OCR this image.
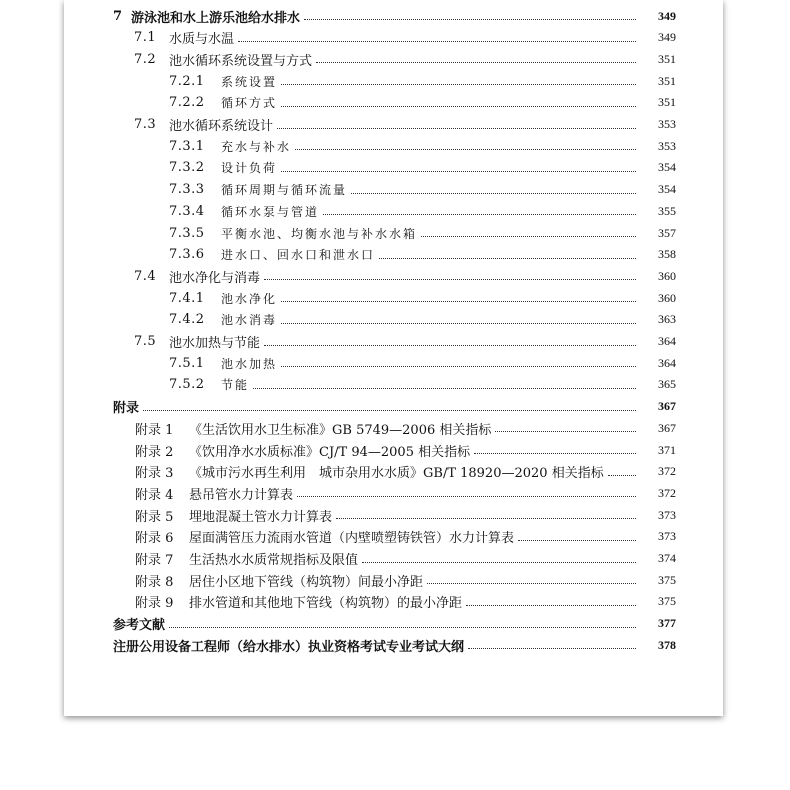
7 游泳池和水上游乐池给水排水	349
7.1 水质与水温	349
7.2 池水循环系统设置与方式	351
7.2.1	系统设置	351
7.2.2	循环方式	351
7.3 池水循环系统设计	353
7.3.1	充水与补水	353
7.3.2	设计负荷	354
7.3.3	循环周期与循环流量	354
7.3.4	循环水泵与管道	355
7.3.5	平衡水池、均衡水池与补水水箱	357
7.3.6	进水口、回水口和泄水口	358
7.4 池水净化与消毒	360
7.4.1	池水净化	360
7.4.2	池水消毒	363
7.5 池水加热与节能	364
7.5.1	池水加热	364
7.5.2	节能	365
附录	367
附录 1	《生活饮用水卫生标准》GB 5749—2006 相关指标	367
附录 2	《饮用净水水质标准》CJ/T 94—2005 相关指标	371
附录 3	《城市污水再生利用　城市杂用水水质》GB/T 18920—2020 相关指标	372
附录 4	悬吊管水力计算表	372
附录 5	埋地混凝土管水力计算表	373
附录 6	屋面满管压力流雨水管道（内壁喷塑铸铁管）水力计算表	373
附录 7	生活热水水质常规指标及限值	374
附录 8	居住小区地下管线（构筑物）间最小净距	375
附录 9	排水管道和其他地下管线（构筑物）的最小净距	375
参考文献	377
注册公用设备工程师（给水排水）执业资格考试专业考试大纲	378
